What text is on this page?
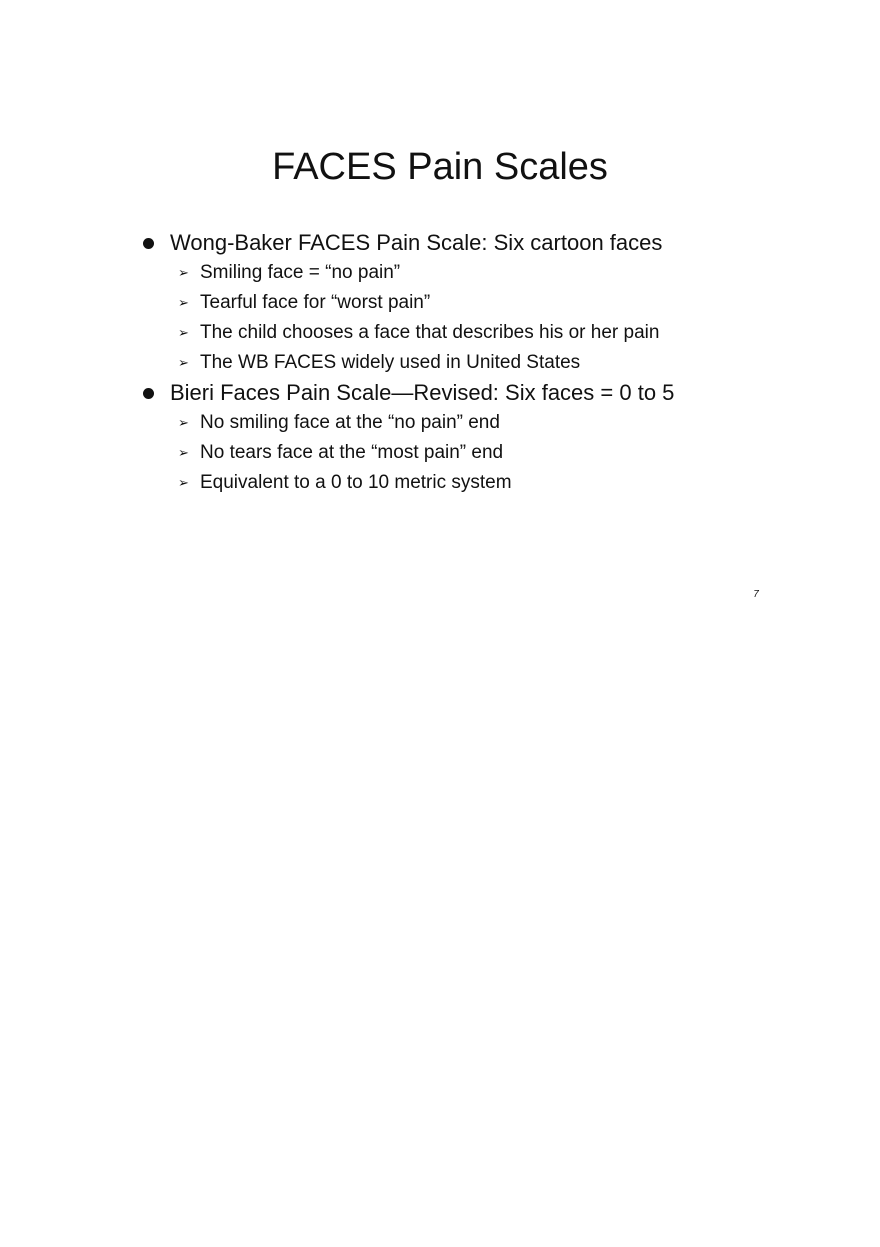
FACES Pain Scales
Wong-Baker FACES Pain Scale: Six cartoon faces
➢ Smiling face = “no pain”
➢ Tearful face for “worst pain”
➢ The child chooses a face that describes his or her pain
➢ The WB FACES widely used in United States
Bieri Faces Pain Scale—Revised: Six faces = 0 to 5
➢ No smiling face at the “no pain” end
➢ No tears face at the “most pain” end
➢ Equivalent to a 0 to 10 metric system
7
